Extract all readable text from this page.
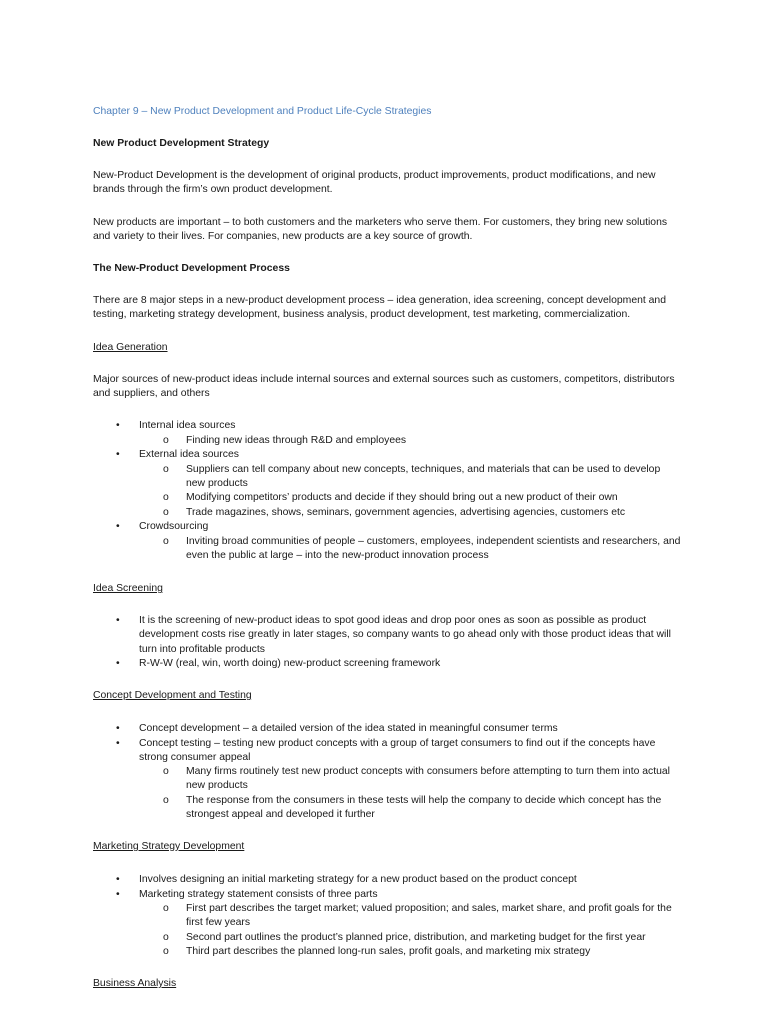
Chapter 9 – New Product Development and Product Life-Cycle Strategies

New Product Development Strategy

New-Product Development is the development of original products, product improvements, product modifications, and new brands through the firm’s own product development.

New products are important – to both customers and the marketers who serve them. For customers, they bring new solutions and variety to their lives. For companies, new products are a key source of growth.

The New-Product Development Process

There are 8 major steps in a new-product development process – idea generation, idea screening, concept development and testing, marketing strategy development, business analysis, product development, test marketing, commercialization.

Idea Generation

Major sources of new-product ideas include internal sources and external sources such as customers, competitors, distributors and suppliers, and others

•	Internal idea sources
o	Finding new ideas through R&D and employees
•	External idea sources
o	Suppliers can tell company about new concepts, techniques, and materials that can be used to develop new products
o	Modifying competitors’ products and decide if they should bring out a new product of their own
o	Trade magazines, shows, seminars, government agencies, advertising agencies, customers etc
•	Crowdsourcing
o	Inviting broad communities of people – customers, employees, independent scientists and researchers, and even the public at large – into the new-product innovation process

Idea Screening

•	It is the screening of new-product ideas to spot good ideas and drop poor ones as soon as possible as product development costs rise greatly in later stages, so company wants to go ahead only with those product ideas that will turn into profitable products
•	R-W-W (real, win, worth doing) new-product screening framework

Concept Development and Testing

•	Concept development – a detailed version of the idea stated in meaningful consumer terms
•	Concept testing – testing new product concepts with a group of target consumers to find out if the concepts have strong consumer appeal
o	Many firms routinely test new product concepts with consumers before attempting to turn them into actual new products
o	The response from the consumers in these tests will help the company to decide which concept has the strongest appeal and developed it further

Marketing Strategy Development

•	Involves designing an initial marketing strategy for a new product based on the product concept
•	Marketing strategy statement consists of three parts
o	First part describes the target market; valued proposition; and sales, market share, and profit goals for the first few years
o	Second part outlines the product’s planned price, distribution, and marketing budget for the first year
o	Third part describes the planned long-run sales, profit goals, and marketing mix strategy

Business Analysis
